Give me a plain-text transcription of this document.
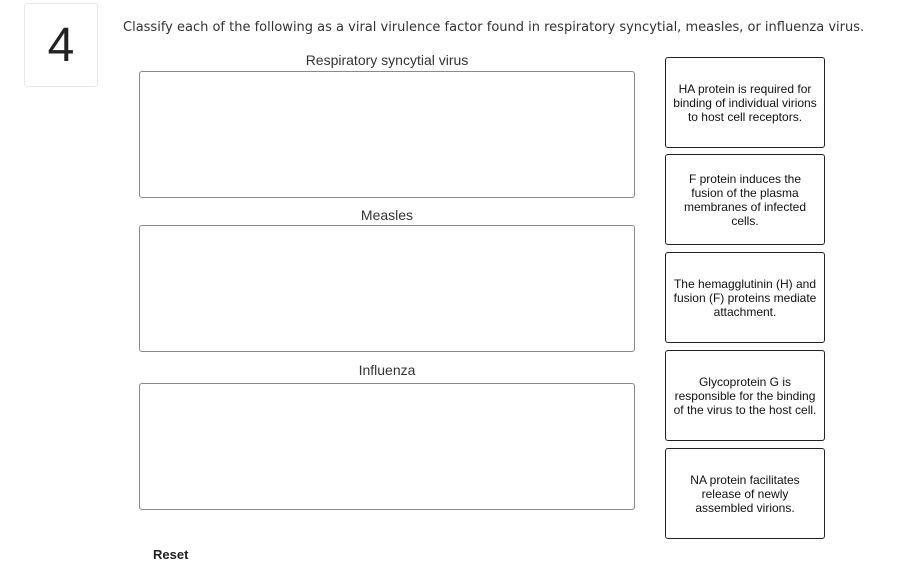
4	Classify each of the following as a viral virulence factor found in respiratory syncytial, measles, or influenza virus.
Respiratory syncytial virus
Measles
Influenza
HA protein is required for binding of individual virions to host cell receptors.
F protein induces the fusion of the plasma membranes of infected cells.
The hemagglutinin (H) and fusion (F) proteins mediate attachment.
Glycoprotein G is responsible for the binding of the virus to the host cell.
NA protein facilitates release of newly assembled virions.
Reset
